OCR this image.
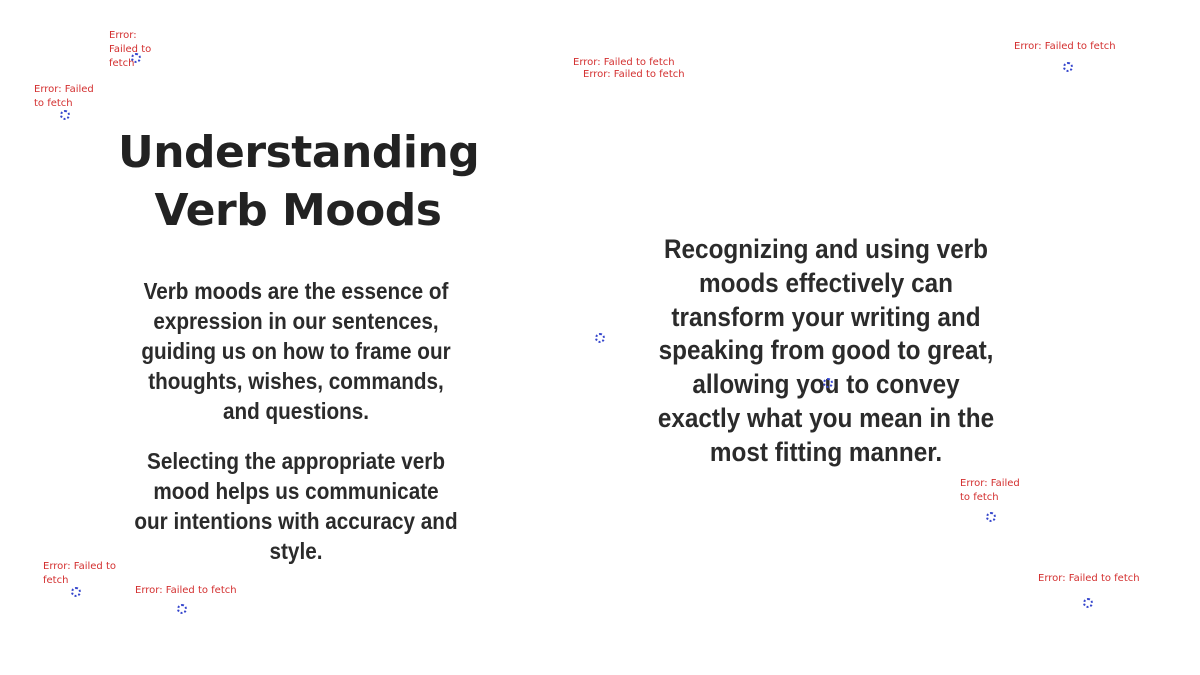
Understanding Verb Moods

Verb moods are the essence of expression in our sentences, guiding us on how to frame our thoughts, wishes, commands, and questions.

Selecting the appropriate verb mood helps us communicate our intentions with accuracy and style.

Recognizing and using verb moods effectively can transform your writing and speaking from good to great, allowing you to convey exactly what you mean in the most fitting manner.

Error: Failed to fetch
Error: Failed to fetch
Error: Failed to fetch
Error: Failed to fetch
Error: Failed to fetch
Error: Failed to fetch
Error: Failed to fetch
Error: Failed to fetch
Error: Failed to fetch
